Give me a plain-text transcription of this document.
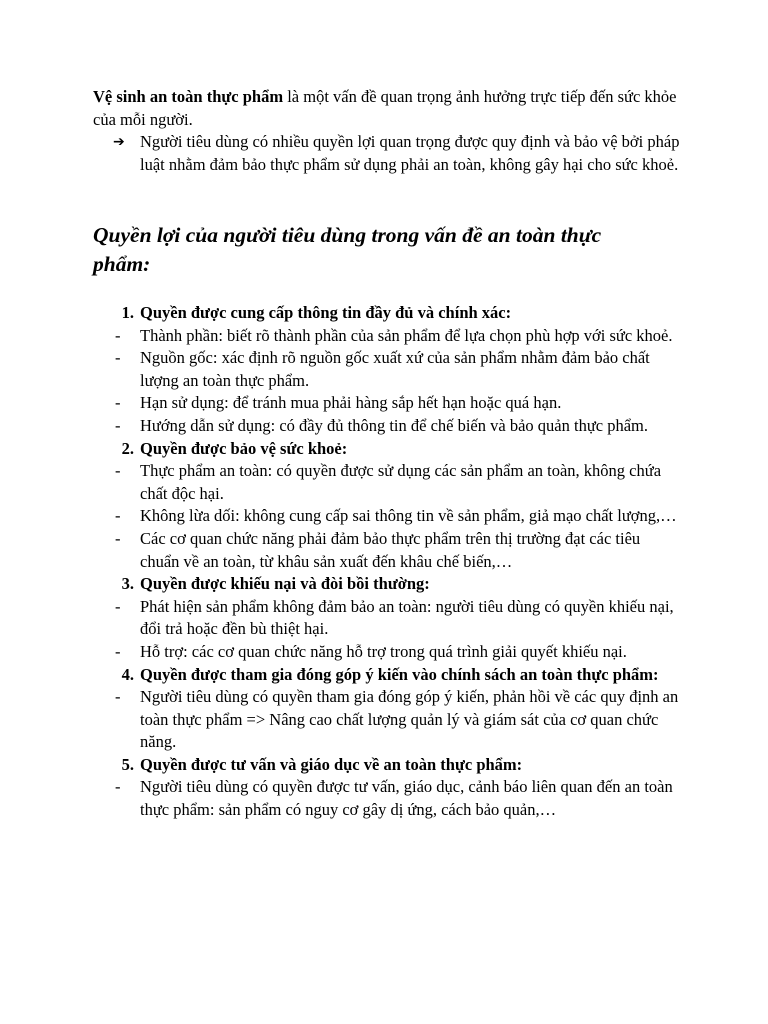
Vệ sinh an toàn thực phẩm là một vấn đề quan trọng ảnh hưởng trực tiếp đến sức khỏe của mỗi người.

➔ Người tiêu dùng có nhiều quyền lợi quan trọng được quy định và bảo vệ bởi pháp luật nhằm đảm bảo thực phẩm sử dụng phải an toàn, không gây hại cho sức khoẻ.
Quyền lợi của người tiêu dùng trong vấn đề an toàn thực phẩm:
1. Quyền được cung cấp thông tin đầy đủ và chính xác:
-	Thành phần: biết rõ thành phần của sản phẩm để lựa chọn phù hợp với sức khoẻ.
-	Nguồn gốc: xác định rõ nguồn gốc xuất xứ của sản phẩm nhằm đảm bảo chất lượng an toàn thực phẩm.
-	Hạn sử dụng: để tránh mua phải hàng sắp hết hạn hoặc quá hạn.
-	Hướng dẫn sử dụng: có đầy đủ thông tin để chế biến và bảo quản thực phẩm.
2. Quyền được bảo vệ sức khoẻ:
-	Thực phẩm an toàn: có quyền được sử dụng các sản phẩm an toàn, không chứa chất độc hại.
-	Không lừa dối: không cung cấp sai thông tin về sản phẩm, giả mạo chất lượng,…
-	Các cơ quan chức năng phải đảm bảo thực phẩm trên thị trường đạt các tiêu chuẩn về an toàn, từ khâu sản xuất đến khâu chế biến,…
3. Quyền được khiếu nại và đòi bồi thường:
-	Phát hiện sản phẩm không đảm bảo an toàn: người tiêu dùng có quyền khiếu nại, đổi trả hoặc đền bù thiệt hại.
-	Hỗ trợ: các cơ quan chức năng hỗ trợ trong quá trình giải quyết khiếu nại.
4. Quyền được tham gia đóng góp ý kiến vào chính sách an toàn thực phẩm:
-	Người tiêu dùng có quyền tham gia đóng góp ý kiến, phản hồi về các quy định an toàn thực phẩm => Nâng cao chất lượng quản lý và giám sát của cơ quan chức năng.
5. Quyền được tư vấn và giáo dục về an toàn thực phẩm:
-	Người tiêu dùng có quyền được tư vấn, giáo dục, cảnh báo liên quan đến an toàn thực phẩm: sản phẩm có nguy cơ gây dị ứng, cách bảo quản,…
